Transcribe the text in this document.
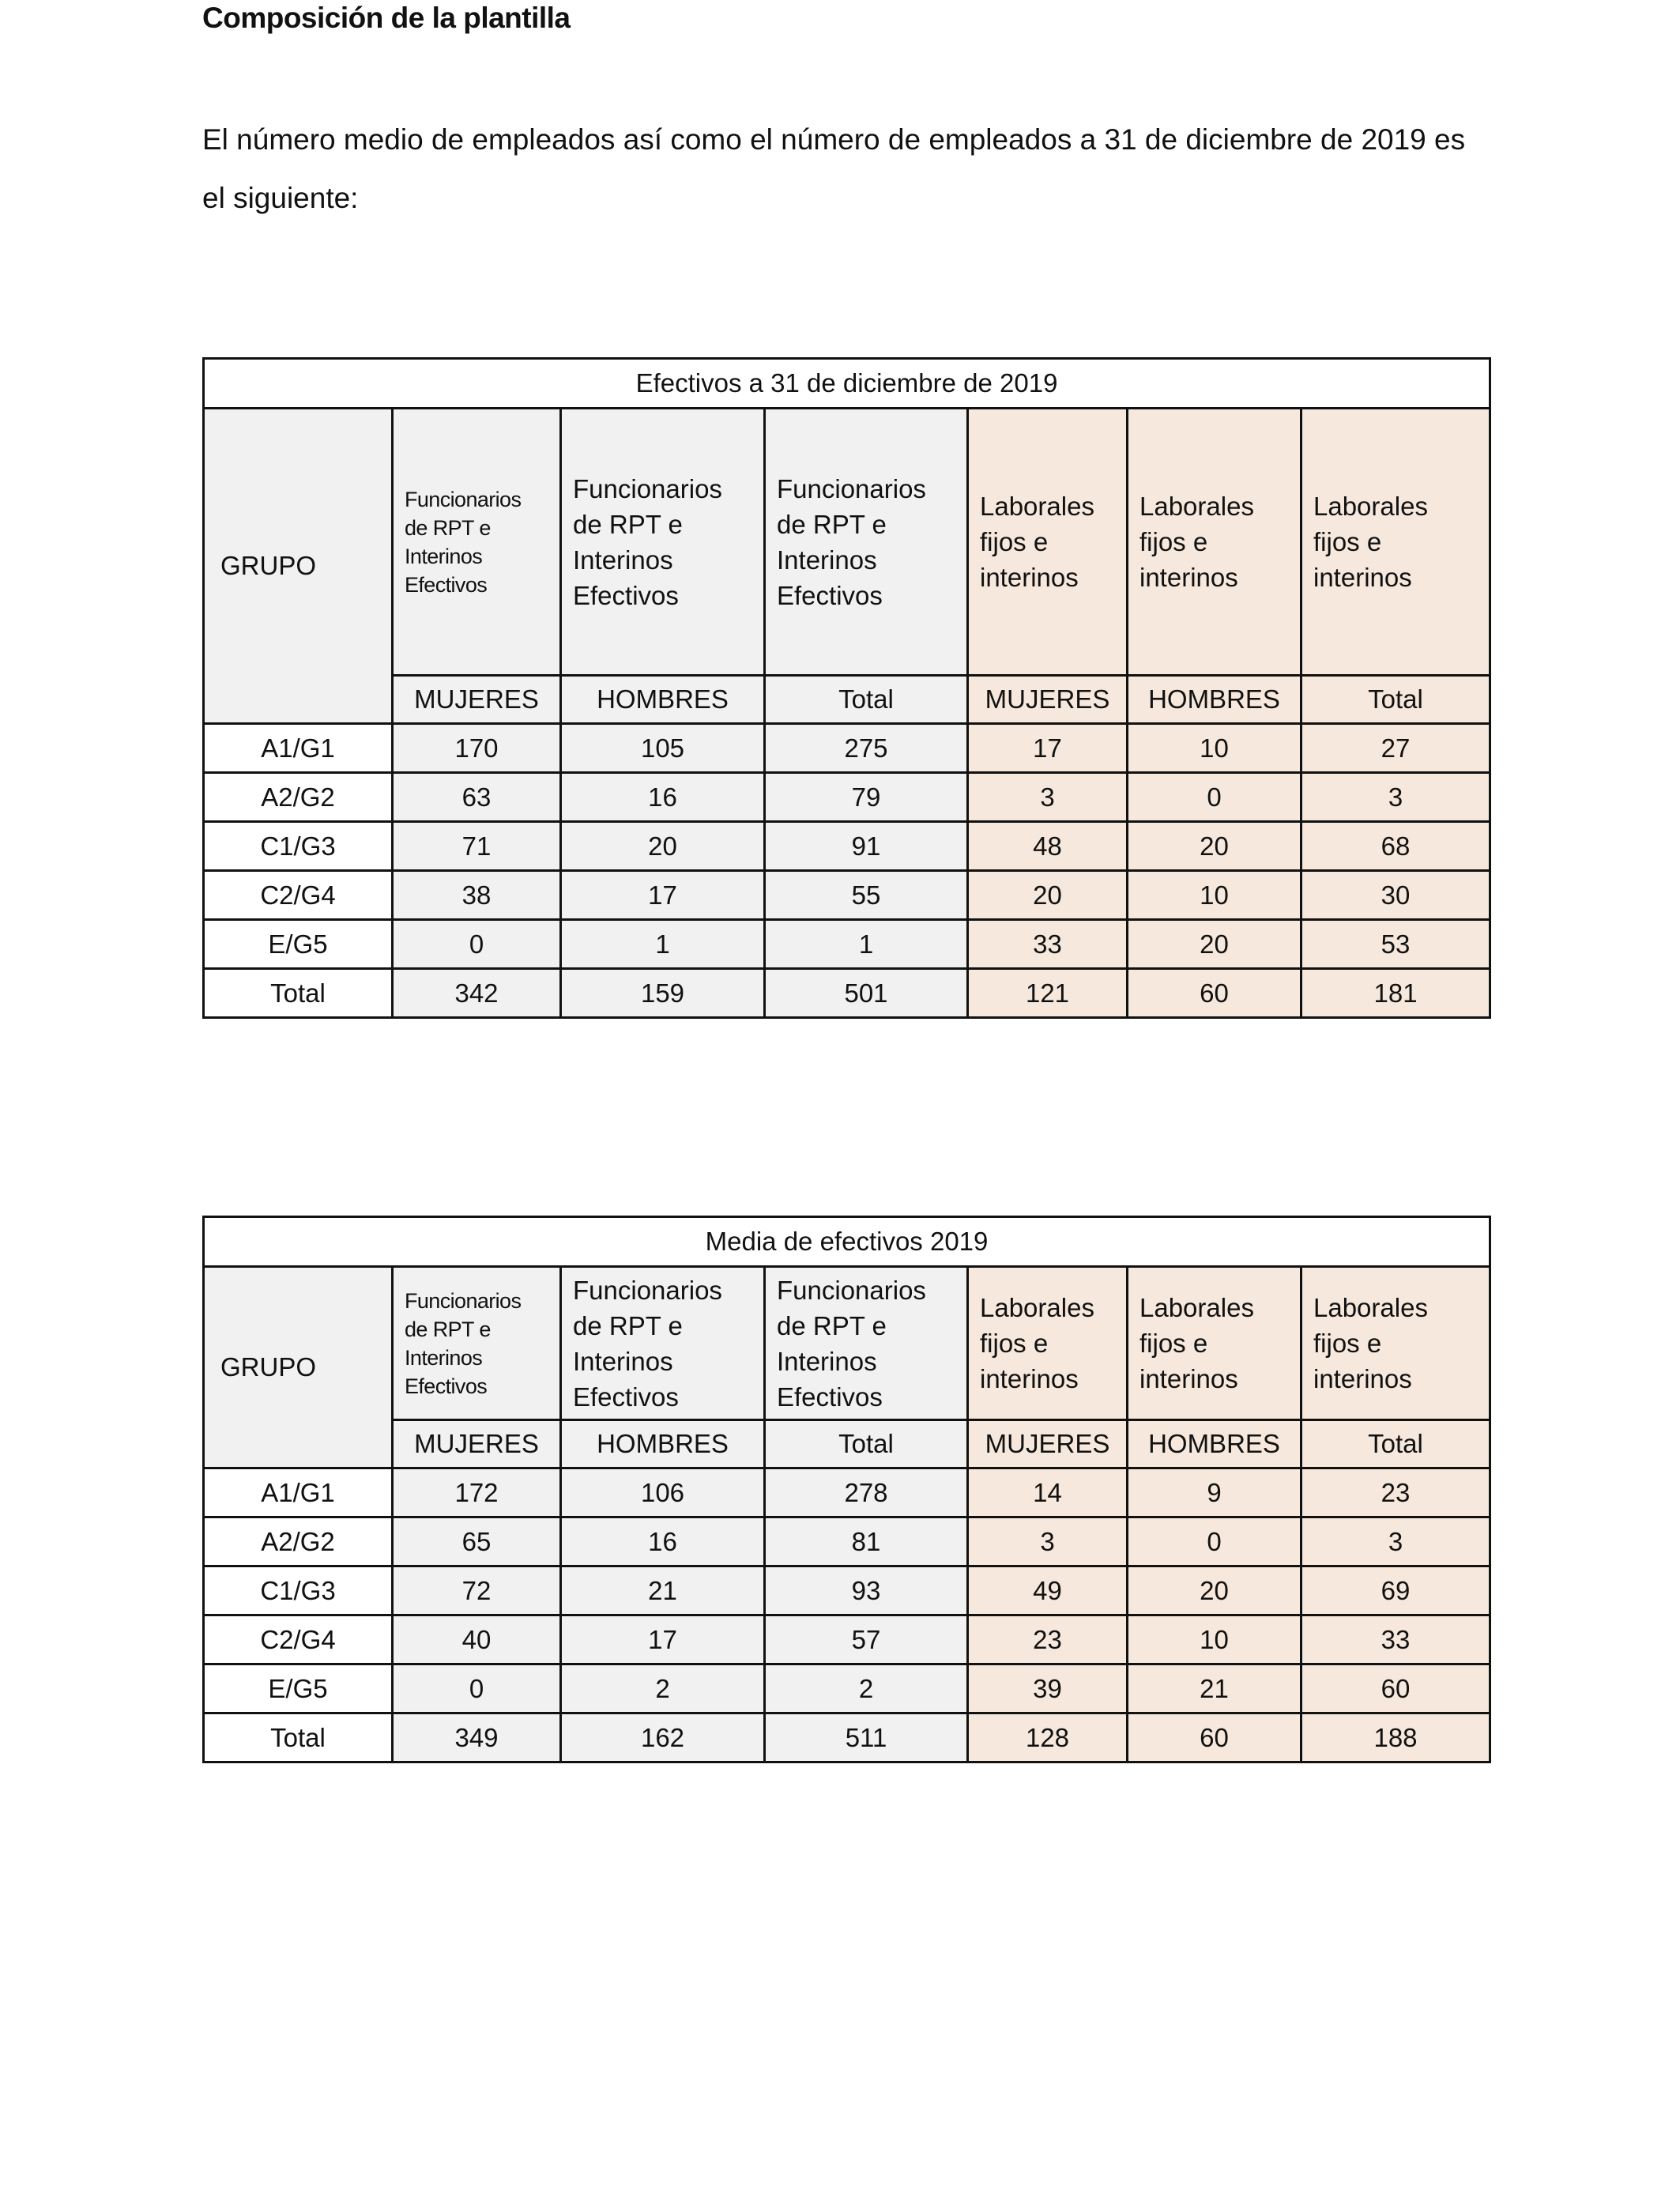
Composición de la plantilla
El número medio de empleados así como el número de empleados a 31 de diciembre de 2019 es el siguiente:
Efectivos a 31 de diciembre de 2019						
GRUPO	Funcionarios de RPT e Interinos Efectivos	Funcionarios de RPT e Interinos Efectivos	Funcionarios de RPT e Interinos Efectivos	Laborales fijos e interinos	Laborales fijos e interinos	Laborales fijos e interinos
	MUJERES	HOMBRES	Total	MUJERES	HOMBRES	Total
A1/G1	170	105	275	17	10	27
A2/G2	63	16	79	3	0	3
C1/G3	71	20	91	48	20	68
C2/G4	38	17	55	20	10	30
E/G5	0	1	1	33	20	53
Total	342	159	501	121	60	181
Media de efectivos 2019						
GRUPO	Funcionarios de RPT e Interinos Efectivos	Funcionarios de RPT e Interinos Efectivos	Funcionarios de RPT e Interinos Efectivos	Laborales fijos e interinos	Laborales fijos e interinos	Laborales fijos e interinos
	MUJERES	HOMBRES	Total	MUJERES	HOMBRES	Total
A1/G1	172	106	278	14	9	23
A2/G2	65	16	81	3	0	3
C1/G3	72	21	93	49	20	69
C2/G4	40	17	57	23	10	33
E/G5	0	2	2	39	21	60
Total	349	162	511	128	60	188
